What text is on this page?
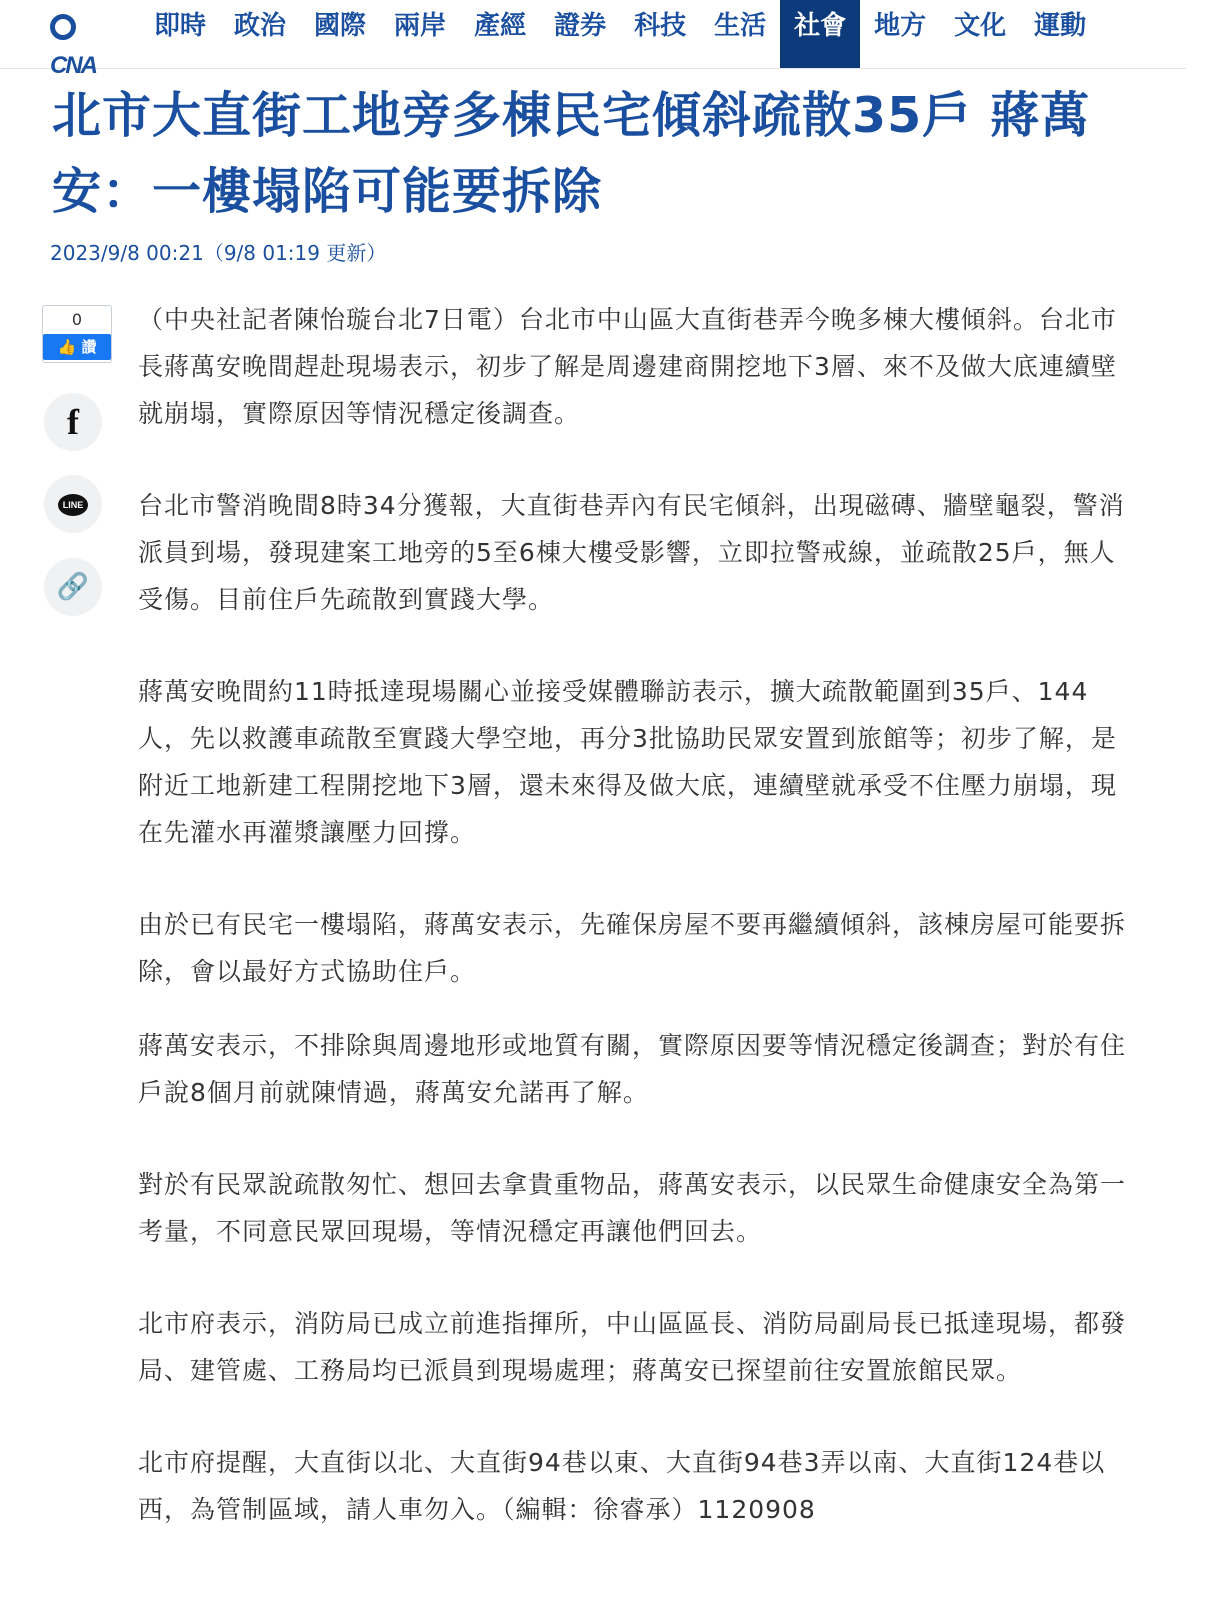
CNA
即時	政治	國際	兩岸	產經	證券	科技	生活	社會	地方	文化	運動
北市大直街工地旁多棟民宅傾斜疏散35戶 蔣萬安：一樓塌陷可能要拆除
2023/9/8 00:21（9/8 01:19 更新）
0
👍 讚
f
LINE
🔗

（中央社記者陳怡璇台北7日電）台北市中山區大直街巷弄今晚多棟大樓傾斜。台北市長蔣萬安晚間趕赴現場表示，初步了解是周邊建商開挖地下3層、來不及做大底連續壁就崩塌，實際原因等情況穩定後調查。

台北市警消晚間8時34分獲報，大直街巷弄內有民宅傾斜，出現磁磚、牆壁龜裂，警消派員到場，發現建案工地旁的5至6棟大樓受影響，立即拉警戒線，並疏散25戶，無人受傷。目前住戶先疏散到實踐大學。

蔣萬安晚間約11時抵達現場關心並接受媒體聯訪表示，擴大疏散範圍到35戶、144人，先以救護車疏散至實踐大學空地，再分3批協助民眾安置到旅館等；初步了解，是附近工地新建工程開挖地下3層，還未來得及做大底，連續壁就承受不住壓力崩塌，現在先灌水再灌漿讓壓力回撐。

由於已有民宅一樓塌陷，蔣萬安表示，先確保房屋不要再繼續傾斜，該棟房屋可能要拆除，會以最好方式協助住戶。

蔣萬安表示，不排除與周邊地形或地質有關，實際原因要等情況穩定後調查；對於有住戶說8個月前就陳情過，蔣萬安允諾再了解。

對於有民眾說疏散匆忙、想回去拿貴重物品，蔣萬安表示，以民眾生命健康安全為第一考量，不同意民眾回現場，等情況穩定再讓他們回去。

北市府表示，消防局已成立前進指揮所，中山區區長、消防局副局長已抵達現場，都發局、建管處、工務局均已派員到現場處理；蔣萬安已探望前往安置旅館民眾。

北市府提醒，大直街以北、大直街94巷以東、大直街94巷3弄以南、大直街124巷以西，為管制區域，請人車勿入。（編輯：徐睿承）1120908
